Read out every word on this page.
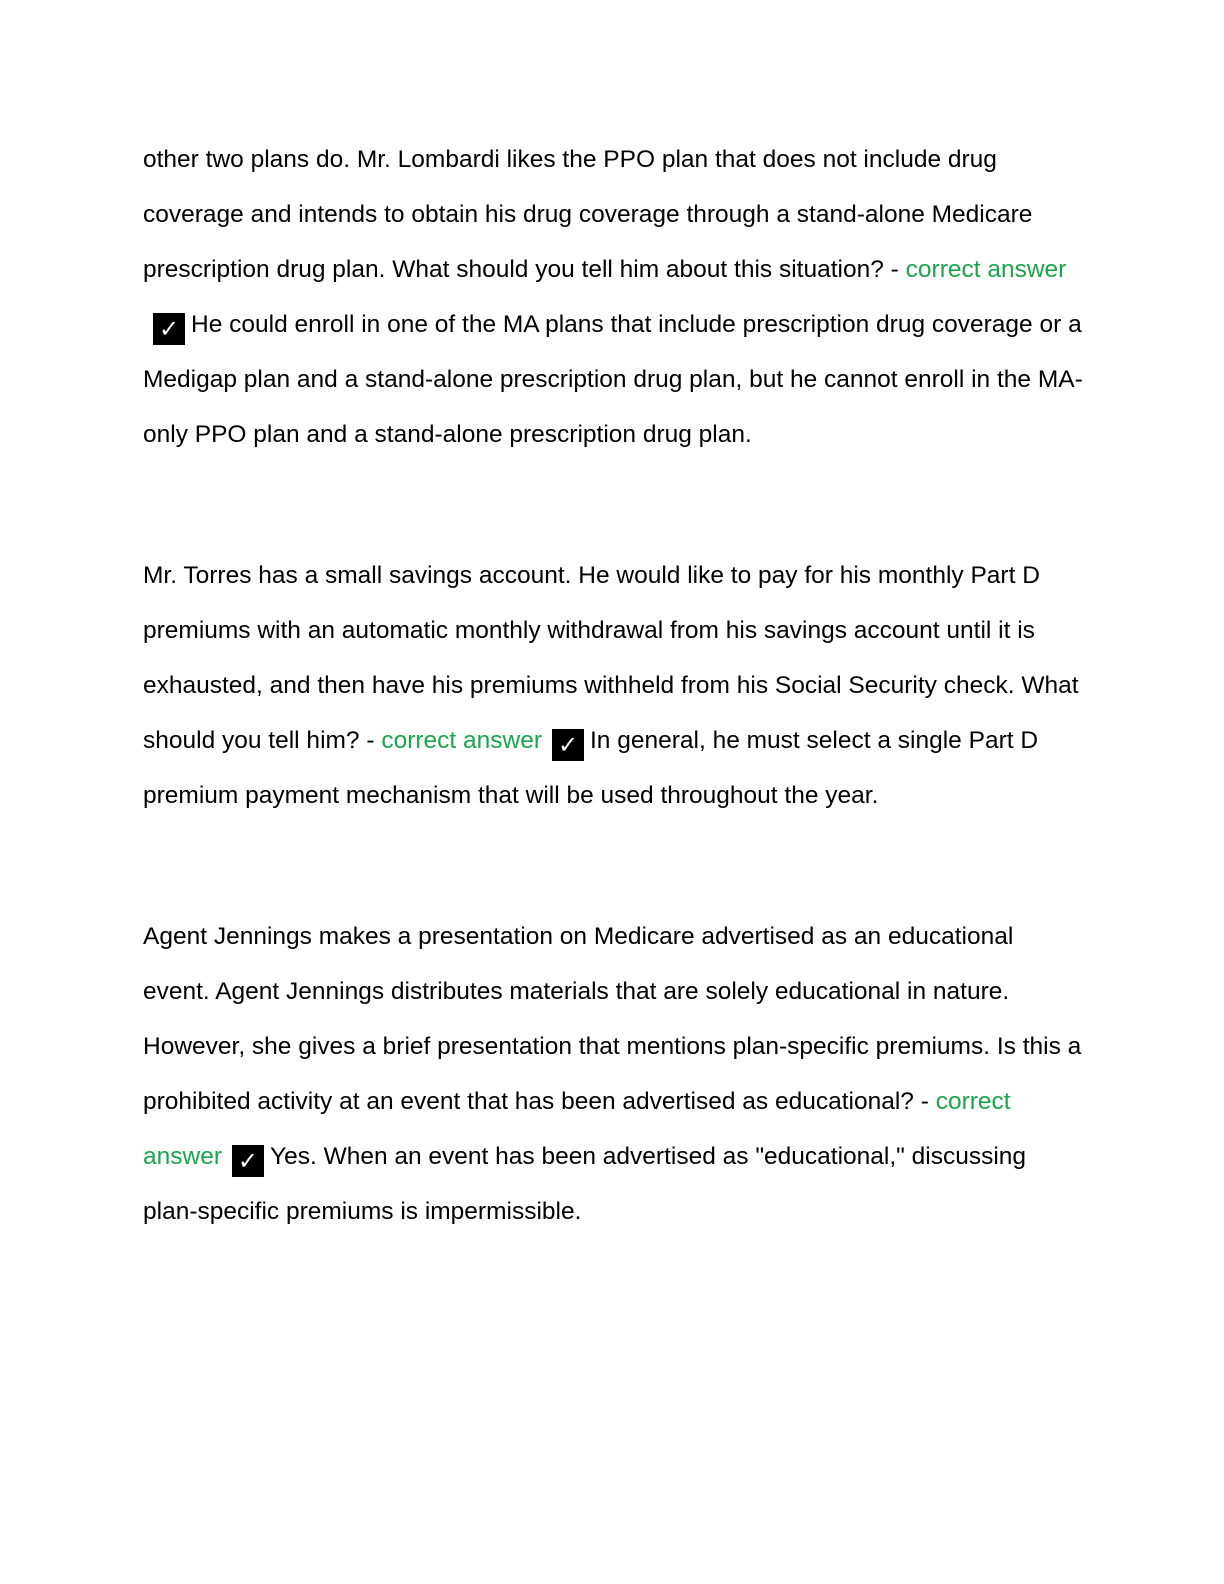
other two plans do. Mr. Lombardi likes the PPO plan that does not include drug coverage and intends to obtain his drug coverage through a stand-alone Medicare prescription drug plan. What should you tell him about this situation? - correct answer✓ He could enroll in one of the MA plans that include prescription drug coverage or a Medigap plan and a stand-alone prescription drug plan, but he cannot enroll in the MA-only PPO plan and a stand-alone prescription drug plan.

Mr. Torres has a small savings account. He would like to pay for his monthly Part D premiums with an automatic monthly withdrawal from his savings account until it is exhausted, and then have his premiums withheld from his Social Security check. What should you tell him? - correct answer ✓ In general, he must select a single Part D premium payment mechanism that will be used throughout the year.

Agent Jennings makes a presentation on Medicare advertised as an educational event. Agent Jennings distributes materials that are solely educational in nature. However, she gives a brief presentation that mentions plan-specific premiums. Is this a prohibited activity at an event that has been advertised as educational? - correct answer ✓ Yes. When an event has been advertised as "educational," discussing plan-specific premiums is impermissible.
